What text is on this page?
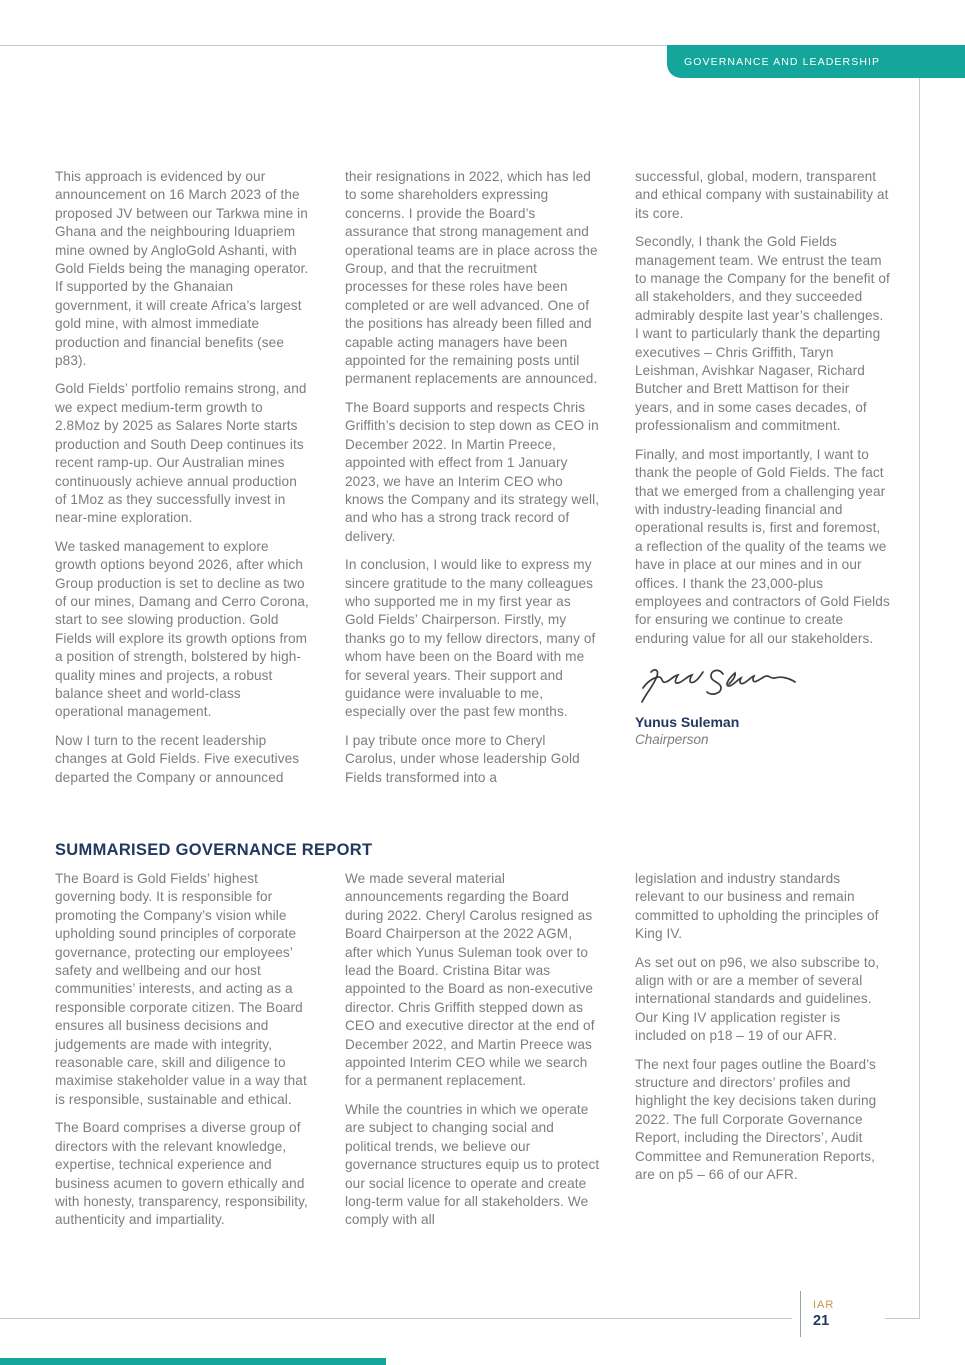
GOVERNANCE AND LEADERSHIP

This approach is evidenced by our announcement on 16 March 2023 of the proposed JV between our Tarkwa mine in Ghana and the neighbouring Iduapriem mine owned by AngloGold Ashanti, with Gold Fields being the managing operator. If supported by the Ghanaian government, it will create Africa’s largest gold mine, with almost immediate production and financial benefits (see p83).

Gold Fields’ portfolio remains strong, and we expect medium-term growth to 2.8Moz by 2025 as Salares Norte starts production and South Deep continues its recent ramp-up. Our Australian mines continuously achieve annual production of 1Moz as they successfully invest in near-mine exploration.

We tasked management to explore growth options beyond 2026, after which Group production is set to decline as two of our mines, Damang and Cerro Corona, start to see slowing production. Gold Fields will explore its growth options from a position of strength, bolstered by high-quality mines and projects, a robust balance sheet and world-class operational management.

Now I turn to the recent leadership changes at Gold Fields. Five executives departed the Company or announced

their resignations in 2022, which has led to some shareholders expressing concerns. I provide the Board’s assurance that strong management and operational teams are in place across the Group, and that the recruitment processes for these roles have been completed or are well advanced. One of the positions has already been filled and capable acting managers have been appointed for the remaining posts until permanent replacements are announced.

The Board supports and respects Chris Griffith’s decision to step down as CEO in December 2022. In Martin Preece, appointed with effect from 1 January 2023, we have an Interim CEO who knows the Company and its strategy well, and who has a strong track record of delivery.

In conclusion, I would like to express my sincere gratitude to the many colleagues who supported me in my first year as Gold Fields’ Chairperson. Firstly, my thanks go to my fellow directors, many of whom have been on the Board with me for several years. Their support and guidance were invaluable to me, especially over the past few months.

I pay tribute once more to Cheryl Carolus, under whose leadership Gold Fields transformed into a

successful, global, modern, transparent and ethical company with sustainability at its core.

Secondly, I thank the Gold Fields management team. We entrust the team to manage the Company for the benefit of all stakeholders, and they succeeded admirably despite last year’s challenges. I want to particularly thank the departing executives – Chris Griffith, Taryn Leishman, Avishkar Nagaser, Richard Butcher and Brett Mattison for their years, and in some cases decades, of professionalism and commitment.

Finally, and most importantly, I want to thank the people of Gold Fields. The fact that we emerged from a challenging year with industry-leading financial and operational results is, first and foremost, a reflection of the quality of the teams we have in place at our mines and in our offices. I thank the 23,000-plus employees and contractors of Gold Fields for ensuring we continue to create enduring value for all our stakeholders.

Yunus Suleman
Chairperson
SUMMARISED GOVERNANCE REPORT

The Board is Gold Fields’ highest governing body. It is responsible for promoting the Company’s vision while upholding sound principles of corporate governance, protecting our employees’ safety and wellbeing and our host communities’ interests, and acting as a responsible corporate citizen. The Board ensures all business decisions and judgements are made with integrity, reasonable care, skill and diligence to maximise stakeholder value in a way that is responsible, sustainable and ethical.

The Board comprises a diverse group of directors with the relevant knowledge, expertise, technical experience and business acumen to govern ethically and with honesty, transparency, responsibility, authenticity and impartiality.

We made several material announcements regarding the Board during 2022. Cheryl Carolus resigned as Board Chairperson at the 2022 AGM, after which Yunus Suleman took over to lead the Board. Cristina Bitar was appointed to the Board as non-executive director. Chris Griffith stepped down as CEO and executive director at the end of December 2022, and Martin Preece was appointed Interim CEO while we search for a permanent replacement.

While the countries in which we operate are subject to changing social and political trends, we believe our governance structures equip us to protect our social licence to operate and create long-term value for all stakeholders. We comply with all

legislation and industry standards relevant to our business and remain committed to upholding the principles of King IV.

As set out on p96, we also subscribe to, align with or are a member of several international standards and guidelines. Our King IV application register is included on p18 – 19 of our AFR.

The next four pages outline the Board’s structure and directors’ profiles and highlight the key decisions taken during 2022. The full Corporate Governance Report, including the Directors’, Audit Committee and Remuneration Reports, are on p5 – 66 of our AFR.

IAR
21
